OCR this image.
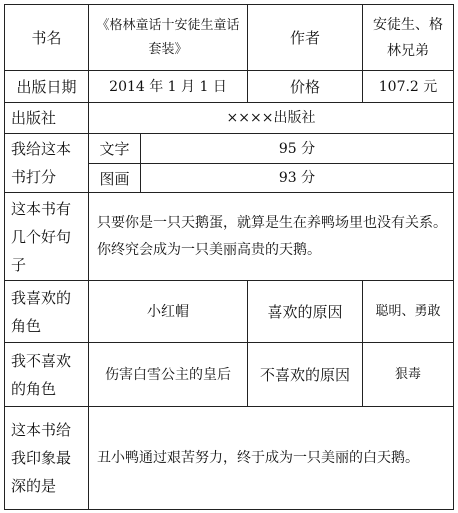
书名	《格林童话十安徒生童话套装》		作者	安徒生、格林兄弟
出版日期	2014 年 1 月 1 日		价格	107.2 元
出版社	××××出版社			
我给这本书打分	文字	95 分		
	图画	93 分		
这本书有几个好句子	只要你是一只天鹅蛋，就算是生在养鸭场里也没有关系。你终究会成为一只美丽高贵的天鹅。			
我喜欢的角色	小红帽		喜欢的原因	聪明、勇敢
我不喜欢的角色	伤害白雪公主的皇后		不喜欢的原因	狠毒
这本书给我印象最深的是	丑小鸭通过艰苦努力，终于成为一只美丽的白天鹅。			
